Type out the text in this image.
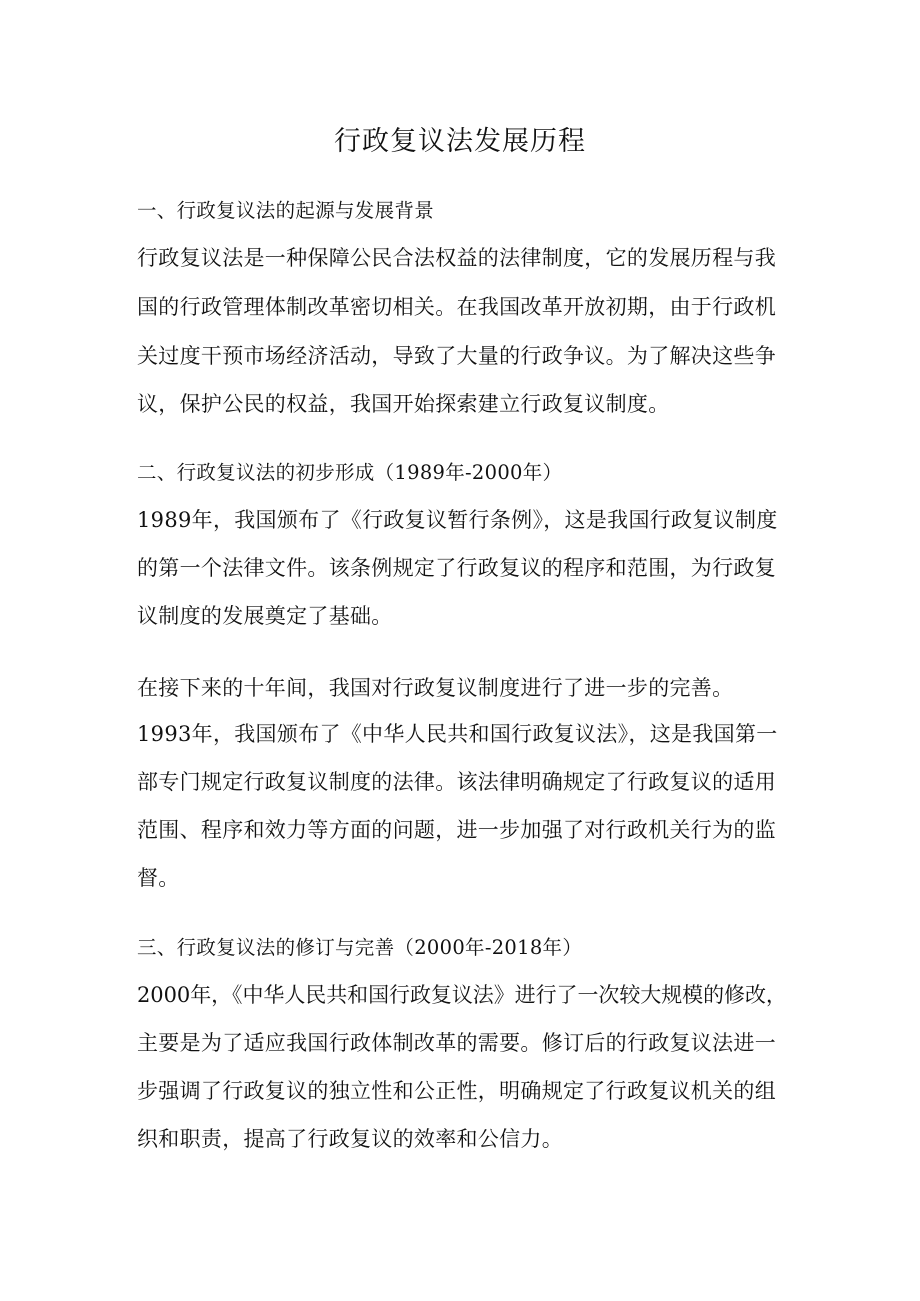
行政复议法发展历程

一、行政复议法的起源与发展背景

行政复议法是一种保障公民合法权益的法律制度，它的发展历程与我

国的行政管理体制改革密切相关。在我国改革开放初期，由于行政机

关过度干预市场经济活动，导致了大量的行政争议。为了解决这些争

议，保护公民的权益，我国开始探索建立行政复议制度。

二、行政复议法的初步形成（1989年-2000年）

1989年，我国颁布了《行政复议暂行条例》，这是我国行政复议制度

的第一个法律文件。该条例规定了行政复议的程序和范围，为行政复

议制度的发展奠定了基础。

在接下来的十年间，我国对行政复议制度进行了进一步的完善。

1993年，我国颁布了《中华人民共和国行政复议法》，这是我国第一

部专门规定行政复议制度的法律。该法律明确规定了行政复议的适用

范围、程序和效力等方面的问题，进一步加强了对行政机关行为的监

督。

三、行政复议法的修订与完善（2000年-2018年）

2000年，《中华人民共和国行政复议法》进行了一次较大规模的修改，

主要是为了适应我国行政体制改革的需要。修订后的行政复议法进一

步强调了行政复议的独立性和公正性，明确规定了行政复议机关的组

织和职责，提高了行政复议的效率和公信力。
